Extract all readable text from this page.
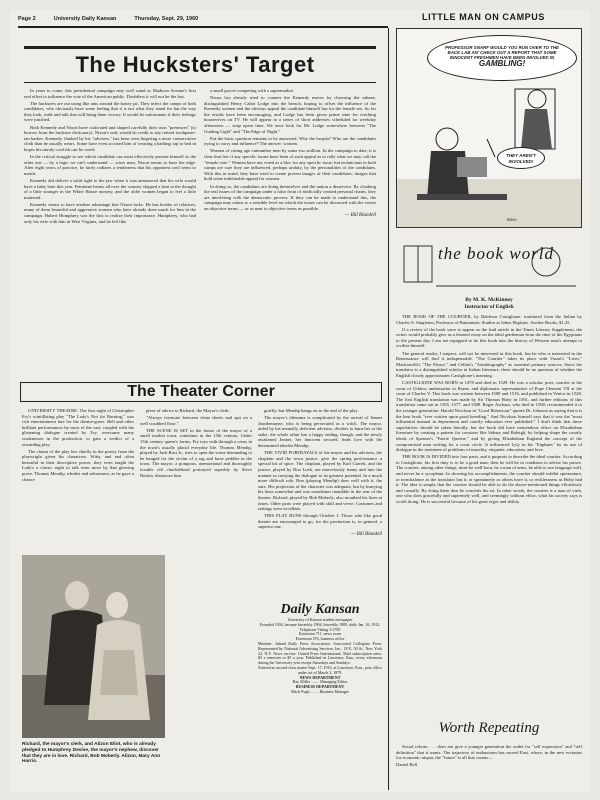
Page 2	University Daily Kansan	Thursday, Sept. 29, 1960	LITTLE MAN ON CAMPUS
The Hucksters' Target

In years to come, this presidential campaign may well stand as Madison Avenue's first real effort to influence the vote of the American public. Doubtless it will not be the last.

The hucksters are out using like ants around the honey jar. They infect the camps of both candidates, who obviously have some feeling that it is not what they stand for but the way they look, walk and talk that will bring them victory. It would be unfortunate if their feelings were justified.

Both Kennedy and Nixon have cultivated and shaped carefully their own "presences" (to borrow from the huckster dictionary). Nixon's only would do credit to any retired toothpaste-tan basher. Kennedy, flanked by his "advisers," has been seen fingering a more conservative cloth than he usually wears. Some have even accused him of wearing a bathing cap to bed in hopes his unruly cowlick can be cured.

In the critical struggle to see which candidate can most effectively present himself as the other one — by a logic we can't understand — wiser man, Nixon seems to have the edge. After eight years of practice, he fairly radiates a tenderness that his opponent can't seem to match.

Kennedy did deliver a solid right to the jaw when it was announced that his wife would have a baby later this year. Feminine hearts all over the country skipped a beat at the thought of a little stranger in the White House nursery, and the older women began to feel a little maternal.

Kennedy seems to have another advantage that Nixon lacks. He has hordes of relatives, many of them beautiful and aggressive women who have already done much for him in the campaign. Hubert Humphrey was the first to realize their importance. Humphrey, who had only his wife with him in West Virginia, and he left like

a small grocer competing with a supermarket.

Nixon has already tried to counter the Kennedy moves by choosing the urbane, distinguished Henry Cabot Lodge into the breach, hoping to offset the influence of the Kennedy women and the obvious appeal the candidate himself has for the female sex. So far the results have been encouraging, and Lodge has been given prime time for reaching housewives on TV. He will appear in a series of short addresses scheduled for weekday afternoons — soap opera time. We once look for Mr. Lodge somewhere between "The Guiding Light" and "The Edge of Night."

Put the basic question remains to be answered: Why the hoopla? Who are the candidates trying to curry and influence? The answer: women.

Women of voting age outnumber men by some two million. In the campaign to date, it is clear that few if any specific issues have been of such appeal as to rally what we may call the "female vote." Women have not voted as a bloc for any specific issue; but technicians in both camps are sure they are influenced, perhaps unduly, by the personalities of the candidates. With this in mind, they have tried to create proven images of their candidates, images that hold some indefinable appeal for women.

In doing so, the candidates are doing themselves and the nation a disservice. By cloaking the real issues of the campaign under a false front of artificially created personal charm, they are interfering with the democratic process. If they can be made to understand this, the campaign may return to a sensible level on which the issues can be discussed with the voters on objective terms — or as near to objective terms as possible.

— Bill Blundell
The Theater Corner

UNIVERSITY THEATRE: The first night of Christopher Fry's scintillating play "The Lady's Not for Burning," was rich entertainment fare for the theatre-goers. Bell and other brilliant performances by most of the cast, coupled with the glistening dialogue created by Fry, overcame many weaknesses in the production, to gain a verdict of a rewarding play.

The charm of the play lies chiefly in the poetry from the playwright given his characters. Witty, and and often beautiful in their descriptive power, they even taught the Lady's a classic night to talk even more by that glowing prose. Thomas Mendip, idealist and adventurer, as he gave a chance

piece of advice to Richard, the Mayor's clerk:

"Always fornicate between clean sheets and spit on a well scrubbed floor."

THE SCENE IS SET in the house of the mayor of a small market town, sometime in the 15th century. Under 15th century queen's forms, Fry toys with through a crisis in the town's usually placid everyday life. Thomas Mendip, played by Jack Rust Jr., tries to open the scene demanding to be hanged for the victim of a rag and bone peddler in the town. The mayor, a pompous, unemotional and thoroughly lovable old chucklehead portrayed superbly by Steve Becker, dismisses him

gruffly, but Mendip hangs on to the end of the play.

The mayor's dilemma is complicated by the arrival of Jennet Jourdemayne, who is being persecuted as a witch. The mayor, aided by his mentally deficient advisers, decides to burn her at the stake, the whole affair has a happy ending, though, and the newly awakened Jennet, her innocent secured, finds love with the determined idealist Mendip.

THE VIVID PORTRAYALS of the mayor and his advisers, the chaplain and the town justice, give the spring performance a special bit of spice. The chaplain, played by Karl Garrett, and the justice, played by Ron Loeb, are marvelously funny and into the manner in carrying the dialogue to its greatest potential. In a much more difficult role, Ron (playing Mendip) does well with it, the sure. His projection of the character was adequate, but by hurrying his lines somewhat and was sometimes inaudible in the rear of the theatre. Richard, played by Bob Moberly, also mouthed his lines at times. Other parts were played with skill and verve. Costumes and settings were excellent.

THIS PLAY RUNS through October 1. Those who like good theatre are encouraged to go, for the production is, in general, a superior one.

— Bill Blundell
Richard, the mayor's clerk, and Alizon Eliot, who is already pledged to Humphrey Devise, the mayor's nephew, discover that they are in love. Richard, Bob Moberly. Alizon, Mary Ann Harris.
Daily Kansan
University of Kansan student newspaper
Founded 1904, became biweekly 1904, biweekly 1909, daily Jan. 16, 1912.
Telephone Viking 3-2700
Extension 711, news room
Extension 376, business office
Member: Inland Daily Press Association. Associated Collegiate Press. Represented by National Advertising Services, Inc., 18 E. 50 St., New York 22, N.Y. News service: United Press International. Mail subscription rates: $3 a semester or $5 a year. Published in Lawrence, Kan., every afternoon during the University year except Saturdays and Sundays.
Entered as second-class matter Sept. 17, 1910, at Lawrence, Kan., post office under act of March 3, 1879.
NEWS DEPARTMENT
Ray Miller ........ Managing Editor
BUSINESS DEPARTMENT
Mack Pugh ........ Business Manager
PROFESSOR SNARF WOULD YOU RUN OVER TO THE BACK LAB AN' CHECK OUT A REPORT THAT SOME INNOCENT FRESHMEN HAVE BEEN INVOLVED IN GAMBLING!
THEY AREN'T INVOLVED!
Bibler
the book world
By M. K. McKinney
Instructor of English

THE BOOK OF THE COURTIER, by Baldesar Castiglione, translated from the Italian by Charles S. Singleton, Professor of Humanistic Studies at Johns Hopkins. Anchor Books, $1.25.

If a review of the book were to appear as the lead article in the Times Literary Supplement, the writer would probably give us a learned essay on the ideal gentleman from the time of the Egyptians to the present day. I am not equipped to do this book into the history of Western man's attempt to civilize himself.

The general reader, I suspect, will not be interested in this book, but he who is interested in the Renaissance will find it indispensable. "The Courtier" takes its place with Vasari's "Lives," Machiavelli's "The Prince," and Cellini's "Autobiography" as essential primary sources. Since the translator is a distinguished scholar in Italian literature, there should be no question of whether the English closely approximates Castiglione's meaning.

CASTIGLIONE WAS BORN in 1478 and died in 1529. He was a scholar, poet, courtier at the court of Urbino, ambassador to Rome, and diplomatic representative of Pope Clement VII at the court of Charles V. This book was written between 1508 and 1516, and published in Venice in 1528. The first English translation was made by Sir Thomas Hoby in 1561, and further editions of this translation came out in 1565, 1577, and 1588. Roger Ascham, who died in 1568, recommended it to the younger generation. Harold Nicolson in "Good Behaviour" quotes Dr. Johnson as saying that it is the best book "ever written upon good breeding." And Nicolson himself says that it was the "most influential manual in deportment and courtly education ever published." I don't think that these superlatives should be taken literally, but the book did have tremendous effect on Elizabethan literature by creating a pattern for courtiers like Sidney and Raleigh, by helping shape the courtly ideals of Spenser's "Faerie Queene," and by giving Elizabethan England the concept of the compromised man writing for a court circle. It influenced Lyly in his "Euphues" by its use of dialogue in the treatment of problems of morality, etiquette, education, and love.

THE BOOK IS DIVIDED into four parts, and it purports to describe the ideal courtier. According to Castiglione, his first duty is to be a good man; then he will be in condition to advise his prince. The courtier, among other things, must be well born, be a man of arms, be able to use language well, and never be a sycophant. In showing his accomplishments, the courtier should exhibit sprezzatura, or nonchalance as the translator has it, or spontaneity as others have it, or recklessness as Hoby had it. The idea is simply that the courtier should be able to do the above-mentioned things effortlessly and casually. By doing them thus he conceals his art. In other words, the courtier is a man of virtù, one who does gracefully and supremely well, and seemingly without effort, what his society says is worth doing. He is successful because of his great vigor and ability.

Worth Repeating

Social reform . . . does not give a younger generation the outlet for "self expression" and "self definition" that it wants. The trajectory of enthusiasm has curved East, where, in the new ecstasies for economic utopia, the "future" is all that counts—

Daniel Bell
